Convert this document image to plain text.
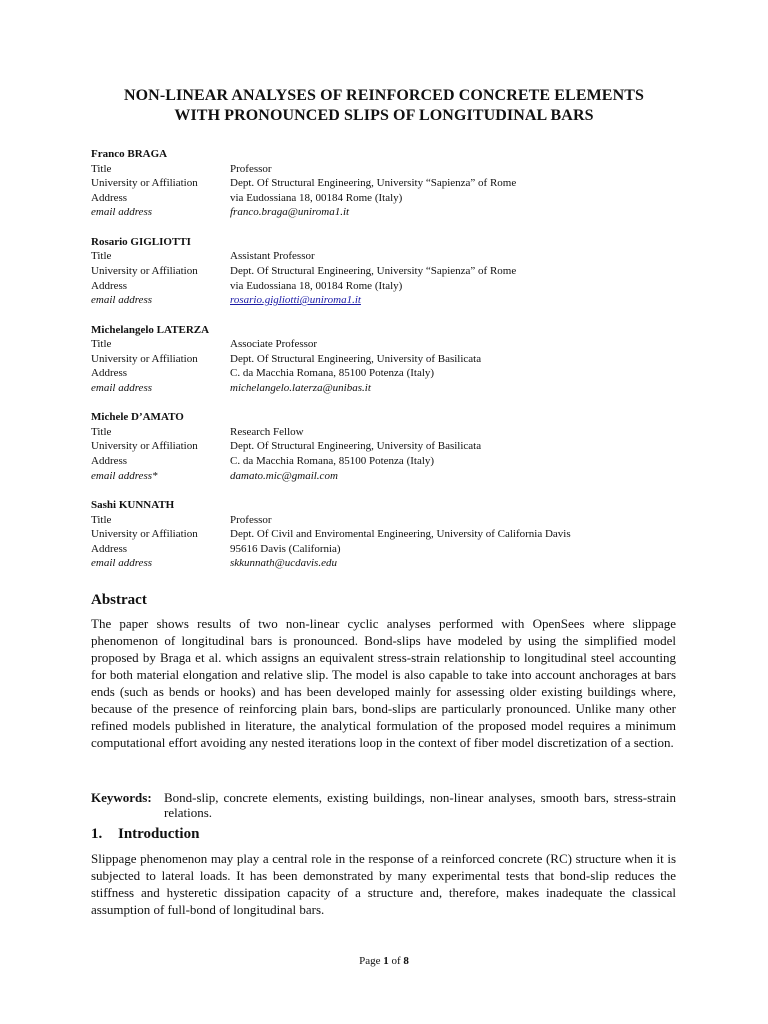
NON-LINEAR ANALYSES OF REINFORCED CONCRETE ELEMENTS
WITH PRONOUNCED SLIPS OF LONGITUDINAL BARS
Franco BRAGA
Title	Professor
University or Affiliation	Dept. Of Structural Engineering, University “Sapienza” of Rome
Address	via Eudossiana 18, 00184 Rome (Italy)
email address	franco.braga@uniroma1.it
Rosario GIGLIOTTI
Title	Assistant Professor
University or Affiliation	Dept. Of Structural Engineering, University “Sapienza” of Rome
Address	via Eudossiana 18, 00184 Rome (Italy)
email address	rosario.gigliotti@uniroma1.it
Michelangelo LATERZA
Title	Associate Professor
University or Affiliation	Dept. Of Structural Engineering, University of Basilicata
Address	C. da Macchia Romana, 85100 Potenza (Italy)
email address	michelangelo.laterza@unibas.it
Michele D’AMATO
Title	Research Fellow
University or Affiliation	Dept. Of Structural Engineering, University of Basilicata
Address	C. da Macchia Romana, 85100 Potenza (Italy)
email address*	damato.mic@gmail.com
Sashi KUNNATH
Title	Professor
University or Affiliation	Dept. Of Civil and Enviromental Engineering, University of California Davis
Address	95616 Davis (California)
email address	skkunnath@ucdavis.edu
Abstract

The paper shows results of two non-linear cyclic analyses performed with OpenSees where slippage phenomenon of longitudinal bars is pronounced. Bond-slips have modeled by using the simplified model proposed by Braga et al. which assigns an equivalent stress-strain relationship to longitudinal steel accounting for both material elongation and relative slip. The model is also capable to take into account anchorages at bars ends (such as bends or hooks) and has been developed mainly for assessing older existing buildings where, because of the presence of reinforcing plain bars, bond-slips are particularly pronounced. Unlike many other refined models published in literature, the analytical formulation of the proposed model requires a minimum computational effort avoiding any nested iterations loop in the context of fiber model discretization of a section.

Keywords: Bond-slip, concrete elements, existing buildings, non-linear analyses, smooth bars, stress-strain relations.
1.	Introduction

Slippage phenomenon may play a central role in the response of a reinforced concrete (RC) structure when it is subjected to lateral loads. It has been demonstrated by many experimental tests that bond-slip reduces the stiffness and hysteretic dissipation capacity of a structure and, therefore, makes inadequate the classical assumption of full-bond of longitudinal bars.

Page 1 of 8
